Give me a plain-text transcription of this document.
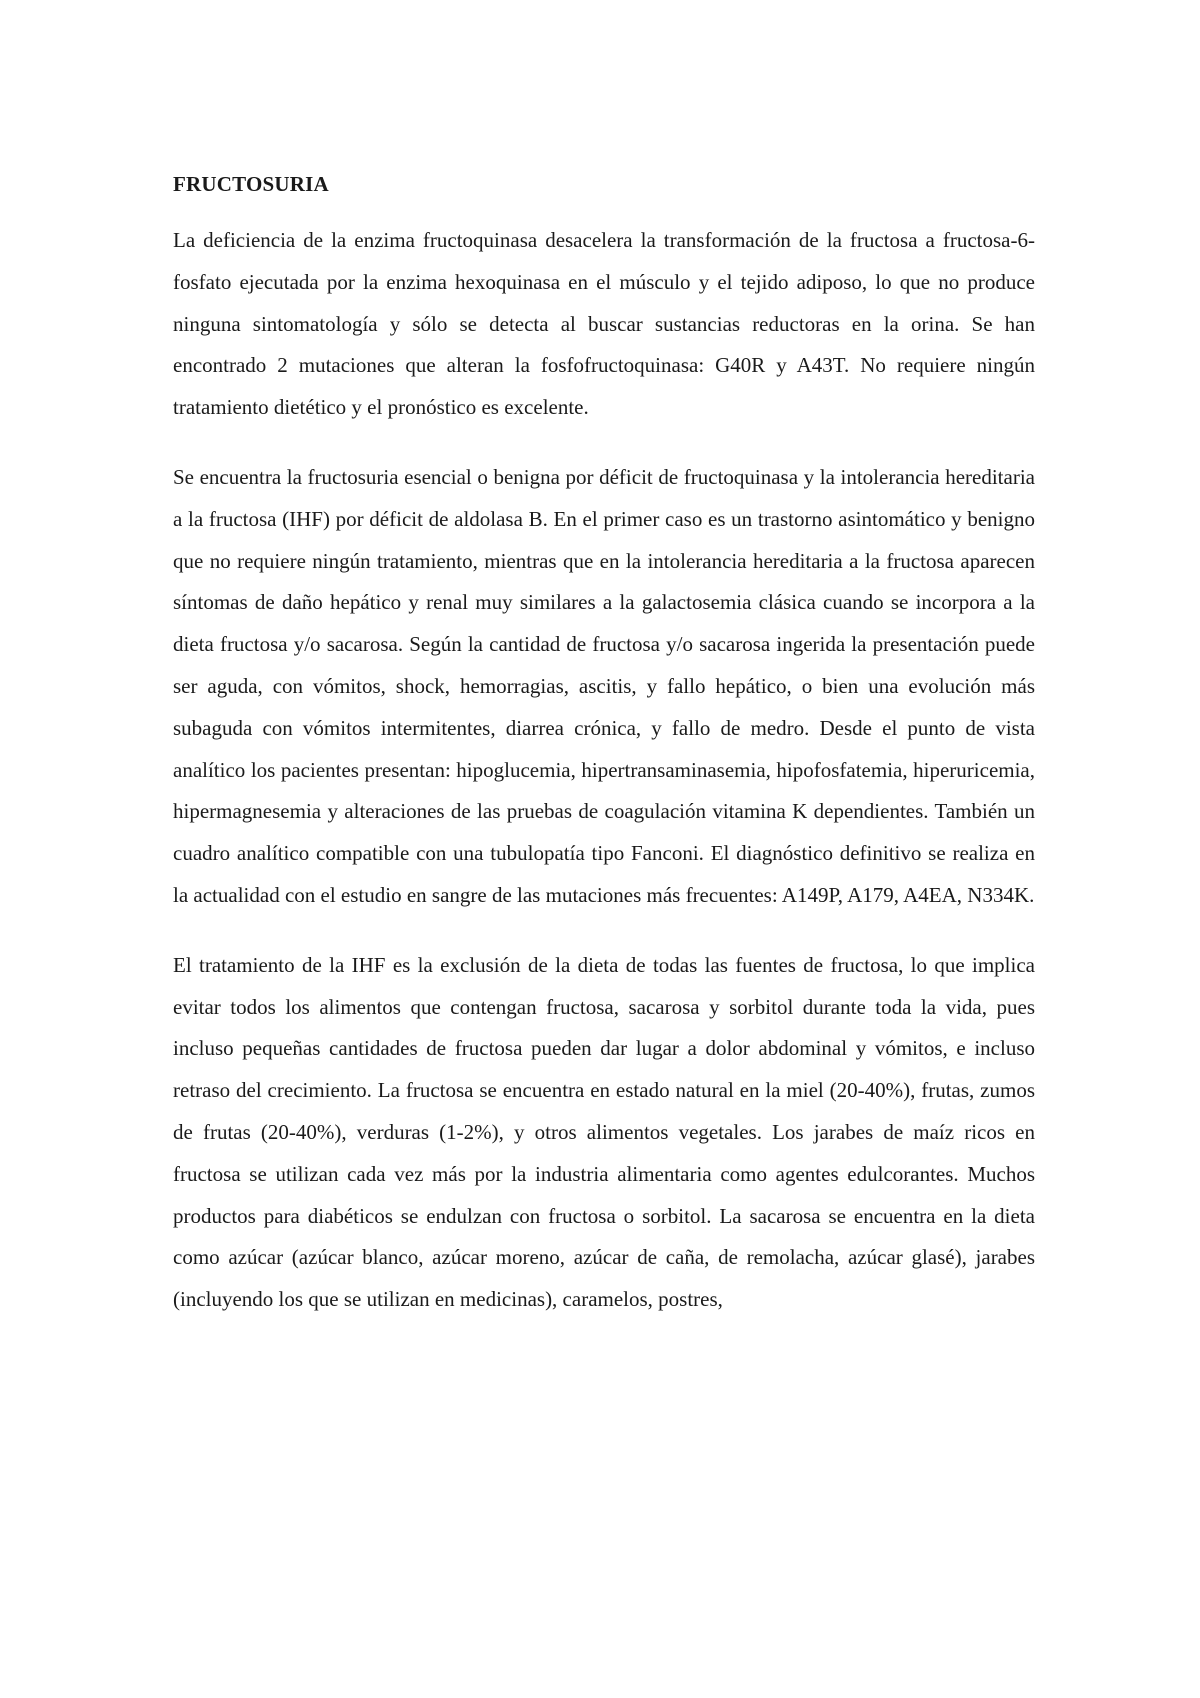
FRUCTOSURIA

La deficiencia de la enzima fructoquinasa desacelera la transformación de la fructosa a fructosa-6-fosfato ejecutada por la enzima hexoquinasa en el músculo y el tejido adiposo, lo que no produce ninguna sintomatología y sólo se detecta al buscar sustancias reductoras en la orina. Se han encontrado 2 mutaciones que alteran la fosfofructoquinasa: G40R y A43T. No requiere ningún tratamiento dietético y el pronóstico es excelente.

Se encuentra la fructosuria esencial o benigna por déficit de fructoquinasa y la intolerancia hereditaria a la fructosa (IHF) por déficit de aldolasa B. En el primer caso es un trastorno asintomático y benigno que no requiere ningún tratamiento, mientras que en la intolerancia hereditaria a la fructosa aparecen síntomas de daño hepático y renal muy similares a la galactosemia clásica cuando se incorpora a la dieta fructosa y/o sacarosa. Según la cantidad de fructosa y/o sacarosa ingerida la presentación puede ser aguda, con vómitos, shock, hemorragias, ascitis, y fallo hepático, o bien una evolución más subaguda con vómitos intermitentes, diarrea crónica, y fallo de medro. Desde el punto de vista analítico los pacientes presentan: hipoglucemia, hipertransaminasemia, hipofosfatemia, hiperuricemia, hipermagnesemia y alteraciones de las pruebas de coagulación vitamina K dependientes. También un cuadro analítico compatible con una tubulopatía tipo Fanconi. El diagnóstico definitivo se realiza en la actualidad con el estudio en sangre de las mutaciones más frecuentes: A149P, A179, A4EA, N334K.

El tratamiento de la IHF es la exclusión de la dieta de todas las fuentes de fructosa, lo que implica evitar todos los alimentos que contengan fructosa, sacarosa y sorbitol durante toda la vida, pues incluso pequeñas cantidades de fructosa pueden dar lugar a dolor abdominal y vómitos, e incluso retraso del crecimiento. La fructosa se encuentra en estado natural en la miel (20-40%), frutas, zumos de frutas (20-40%), verduras (1-2%), y otros alimentos vegetales. Los jarabes de maíz ricos en fructosa se utilizan cada vez más por la industria alimentaria como agentes edulcorantes. Muchos productos para diabéticos se endulzan con fructosa o sorbitol. La sacarosa se encuentra en la dieta como azúcar (azúcar blanco, azúcar moreno, azúcar de caña, de remolacha, azúcar glasé), jarabes (incluyendo los que se utilizan en medicinas), caramelos, postres,
